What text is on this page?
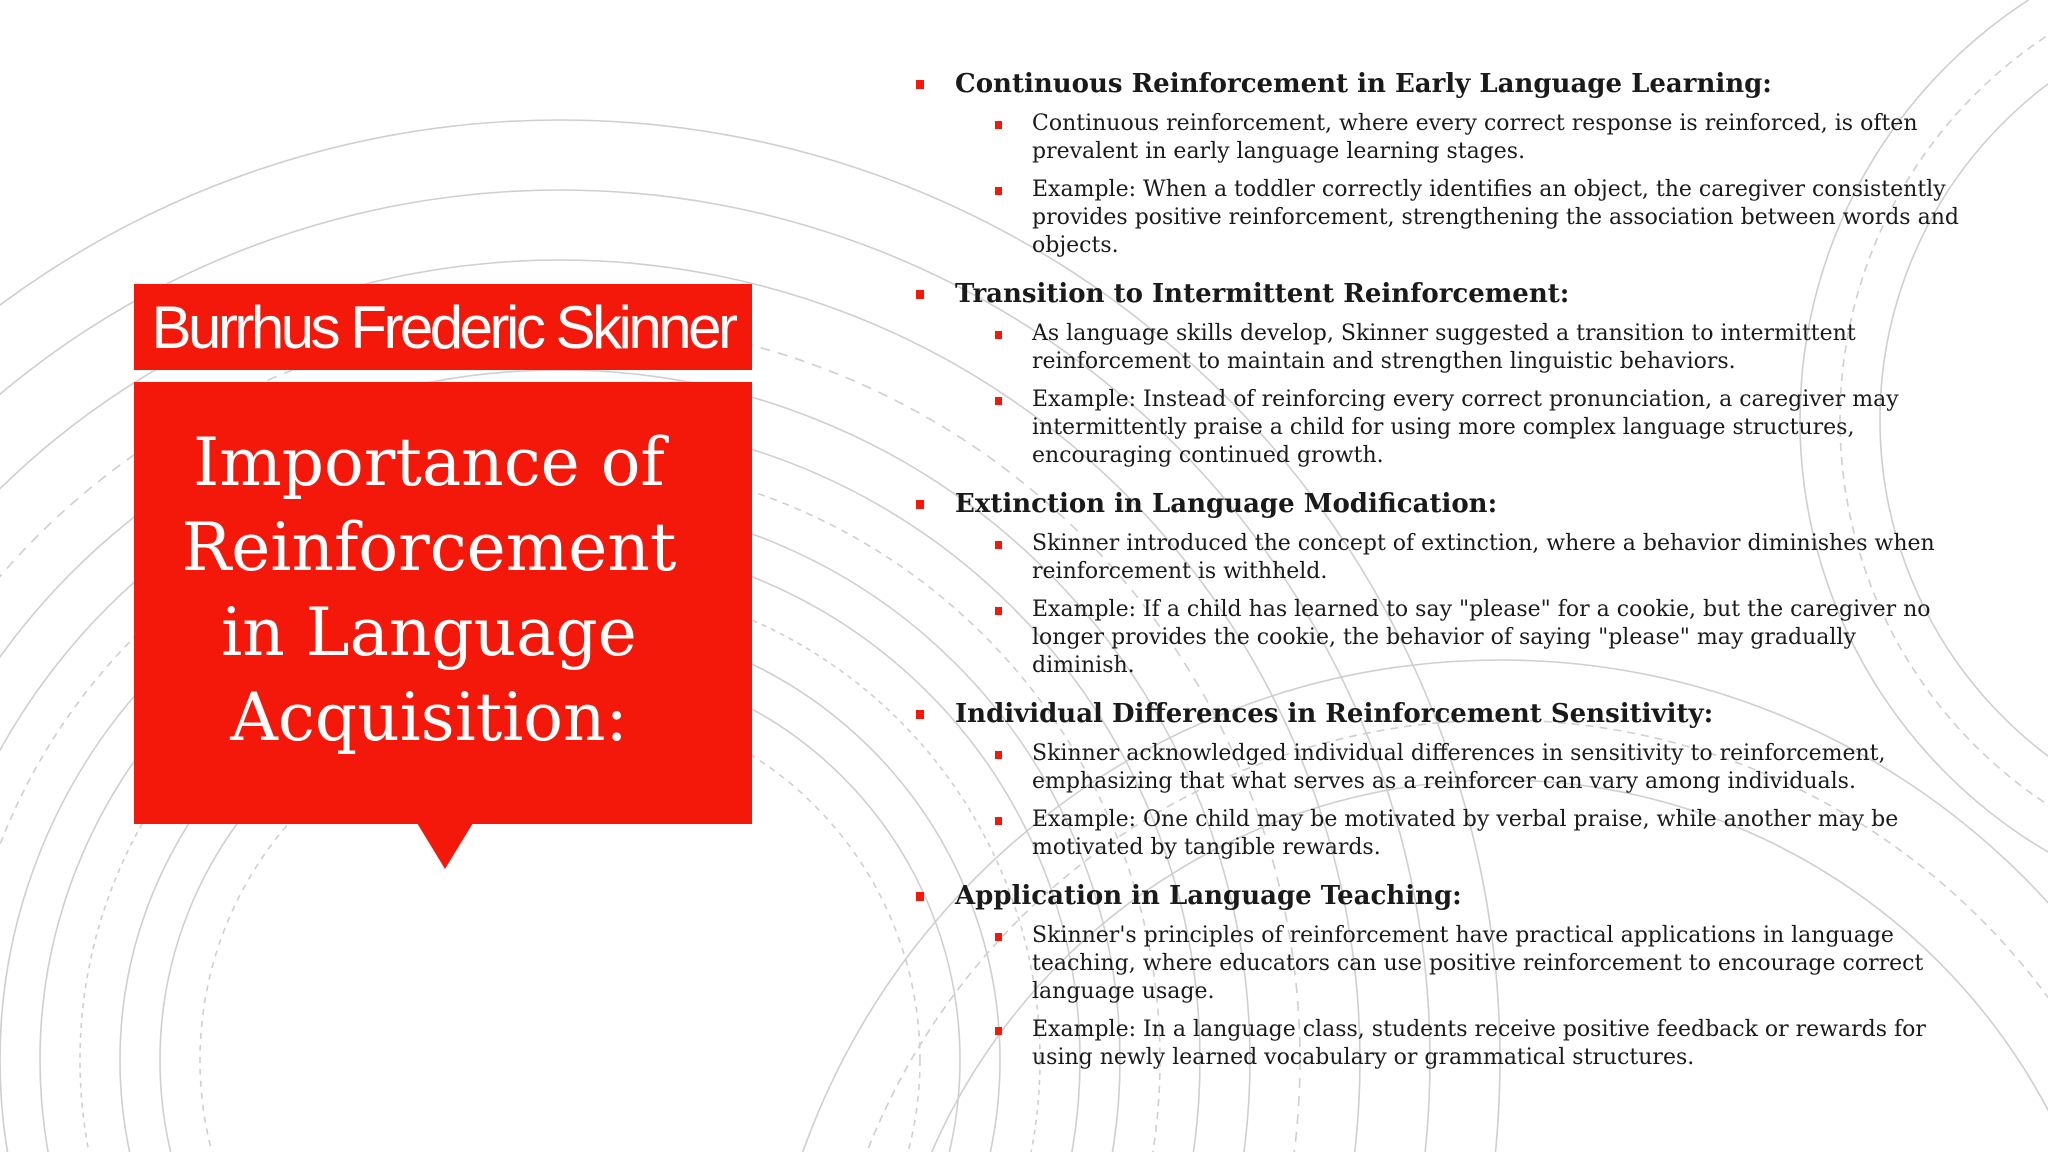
Burrhus Frederic Skinner
Importance of
Reinforcement
in Language
Acquisition:
Continuous Reinforcement in Early Language Learning:
Continuous reinforcement, where every correct response is reinforced, is often prevalent in early language learning stages.
Example: When a toddler correctly identifies an object, the caregiver consistently provides positive reinforcement, strengthening the association between words and objects.
Transition to Intermittent Reinforcement:
As language skills develop, Skinner suggested a transition to intermittent reinforcement to maintain and strengthen linguistic behaviors.
Example: Instead of reinforcing every correct pronunciation, a caregiver may intermittently praise a child for using more complex language structures, encouraging continued growth.
Extinction in Language Modification:
Skinner introduced the concept of extinction, where a behavior diminishes when reinforcement is withheld.
Example: If a child has learned to say "please" for a cookie, but the caregiver no longer provides the cookie, the behavior of saying "please" may gradually diminish.
Individual Differences in Reinforcement Sensitivity:
Skinner acknowledged individual differences in sensitivity to reinforcement, emphasizing that what serves as a reinforcer can vary among individuals.
Example: One child may be motivated by verbal praise, while another may be motivated by tangible rewards.
Application in Language Teaching:
Skinner's principles of reinforcement have practical applications in language teaching, where educators can use positive reinforcement to encourage correct language usage.
Example: In a language class, students receive positive feedback or rewards for using newly learned vocabulary or grammatical structures.
